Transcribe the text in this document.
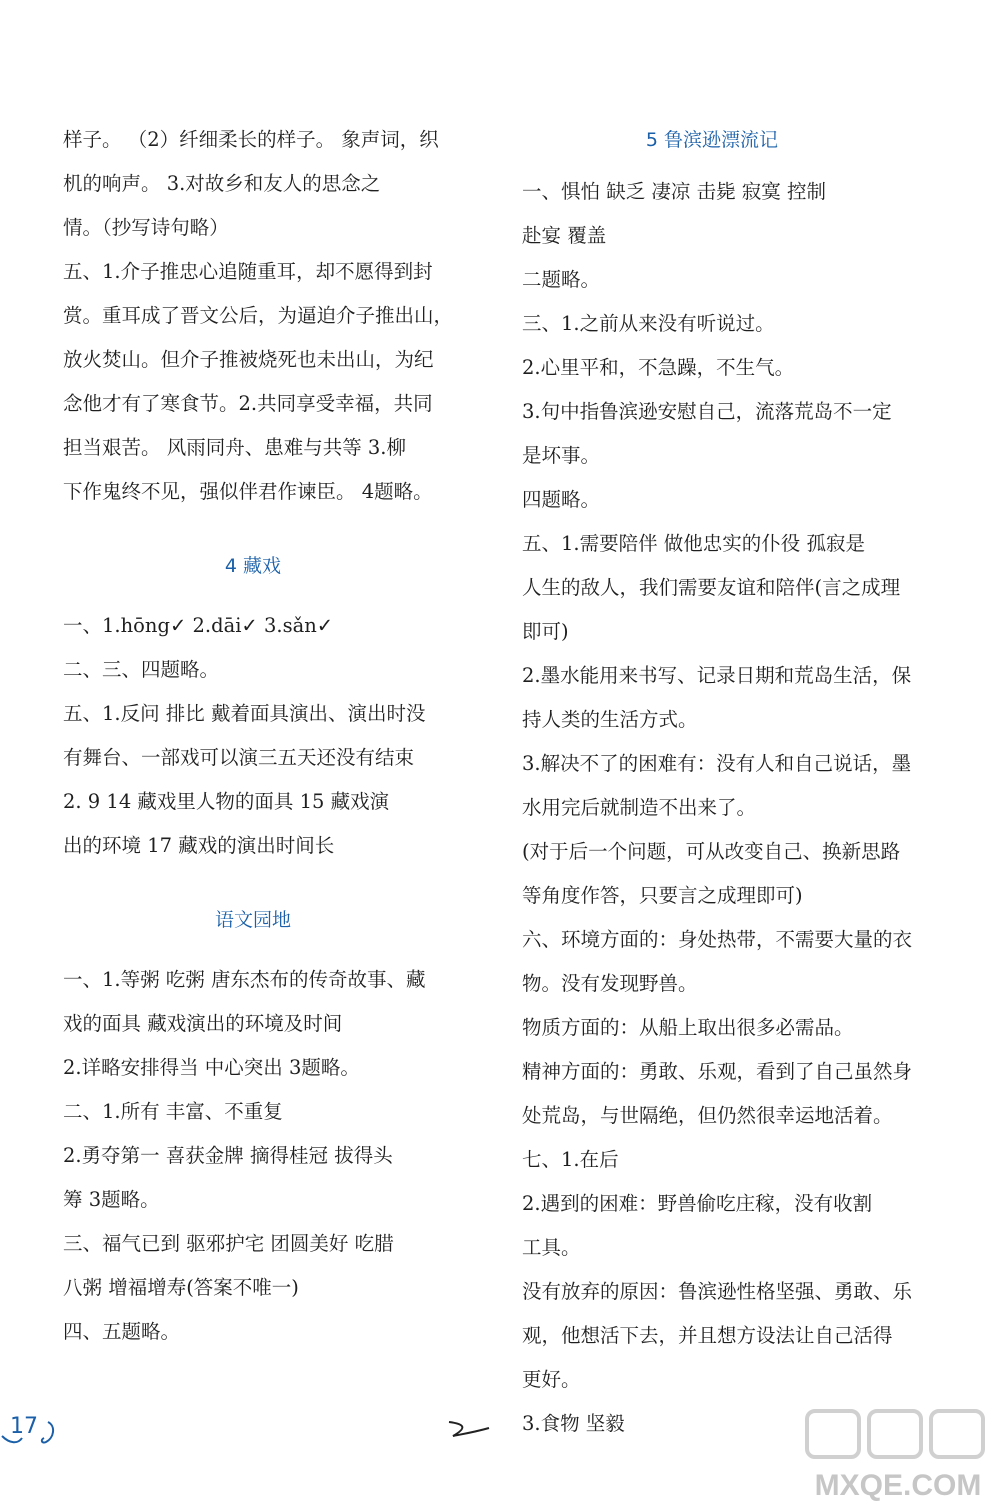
样子。 （2）纤细柔长的样子。 象声词，织
机的响声。 3.对故乡和友人的思念之
情。（抄写诗句略）
五、1.介子推忠心追随重耳，却不愿得到封
赏。重耳成了晋文公后，为逼迫介子推出山，
放火焚山。但介子推被烧死也未出山，为纪
念他才有了寒食节。2.共同享受幸福，共同
担当艰苦。 风雨同舟、患难与共等 3.柳
下作鬼终不见，强似伴君作谏臣。 4题略。
4 藏戏
一、1.hōng✓ 2.dāi✓ 3.sǎn✓
二、三、四题略。
五、1.反问 排比 戴着面具演出、演出时没
有舞台、一部戏可以演三五天还没有结束
2. 9 14 藏戏里人物的面具 15 藏戏演
出的环境 17 藏戏的演出时间长
语文园地
一、1.等粥 吃粥 唐东杰布的传奇故事、藏
戏的面具 藏戏演出的环境及时间
2.详略安排得当 中心突出 3题略。
二、1.所有 丰富、不重复
2.勇夺第一 喜获金牌 摘得桂冠 拔得头
筹 3题略。
三、福气已到 驱邪护宅 团圆美好 吃腊
八粥 增福增寿(答案不唯一)
四、五题略。
5 鲁滨逊漂流记
一、惧怕 缺乏 凄凉 击毙 寂寞 控制
赴宴 覆盖
二题略。
三、1.之前从来没有听说过。
2.心里平和，不急躁，不生气。
3.句中指鲁滨逊安慰自己，流落荒岛不一定
是坏事。
四题略。
五、1.需要陪伴 做他忠实的仆役 孤寂是
人生的敌人，我们需要友谊和陪伴(言之成理
即可)
2.墨水能用来书写、记录日期和荒岛生活，保
持人类的生活方式。
3.解决不了的困难有：没有人和自己说话，墨
水用完后就制造不出来了。
(对于后一个问题，可从改变自己、换新思路
等角度作答，只要言之成理即可)
六、环境方面的：身处热带，不需要大量的衣
物。没有发现野兽。
物质方面的：从船上取出很多必需品。
精神方面的：勇敢、乐观，看到了自己虽然身
处荒岛，与世隔绝，但仍然很幸运地活着。
七、1.在后
2.遇到的困难：野兽偷吃庄稼，没有收割
工具。
没有放弃的原因：鲁滨逊性格坚强、勇敢、乐
观，他想活下去，并且想方设法让自己活得
更好。
3.食物 坚毅
17
MXQE.COM
